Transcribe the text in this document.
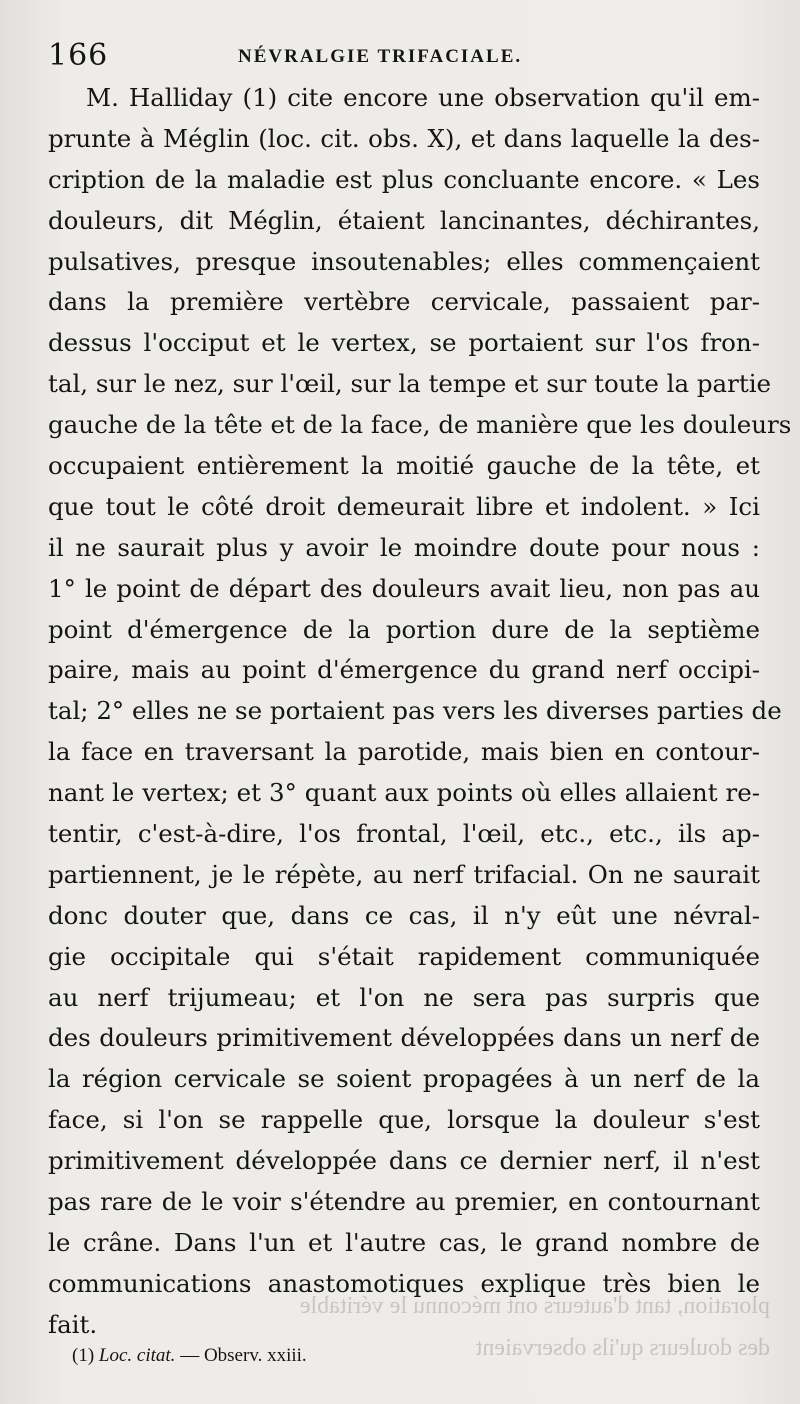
166	NÉVRALGIE TRIFACIALE.
M. Halliday (1) cite encore une observation qu'il em-
prunte à Méglin (loc. cit. obs. X), et dans laquelle la des-
cription de la maladie est plus concluante encore. « Les
douleurs, dit Méglin, étaient lancinantes, déchirantes,
pulsatives, presque insoutenables; elles commençaient
dans la première vertèbre cervicale, passaient par-
dessus l'occiput et le vertex, se portaient sur l'os fron-
tal, sur le nez, sur l'œil, sur la tempe et sur toute la partie
gauche de la tête et de la face, de manière que les douleurs
occupaient entièrement la moitié gauche de la tête, et
que tout le côté droit demeurait libre et indolent. » Ici
il ne saurait plus y avoir le moindre doute pour nous :
1° le point de départ des douleurs avait lieu, non pas au
point d'émergence de la portion dure de la septième
paire, mais au point d'émergence du grand nerf occipi-
tal; 2° elles ne se portaient pas vers les diverses parties de
la face en traversant la parotide, mais bien en contour-
nant le vertex; et 3° quant aux points où elles allaient re-
tentir, c'est-à-dire, l'os frontal, l'œil, etc., etc., ils ap-
partiennent, je le répète, au nerf trifacial. On ne saurait
donc douter que, dans ce cas, il n'y eût une névral-
gie occipitale qui s'était rapidement communiquée
au nerf trijumeau; et l'on ne sera pas surpris que
des douleurs primitivement développées dans un nerf de
la région cervicale se soient propagées à un nerf de la
face, si l'on se rappelle que, lorsque la douleur s'est
primitivement développée dans ce dernier nerf, il n'est
pas rare de le voir s'étendre au premier, en contournant
le crâne. Dans l'un et l'autre cas, le grand nombre de
communications anastomotiques explique très bien le
fait.
ploration, tant d'auteurs ont méconnu le véritable
des douleurs qu'ils observaient
(1) Loc. citat. — Observ. xxiii.
